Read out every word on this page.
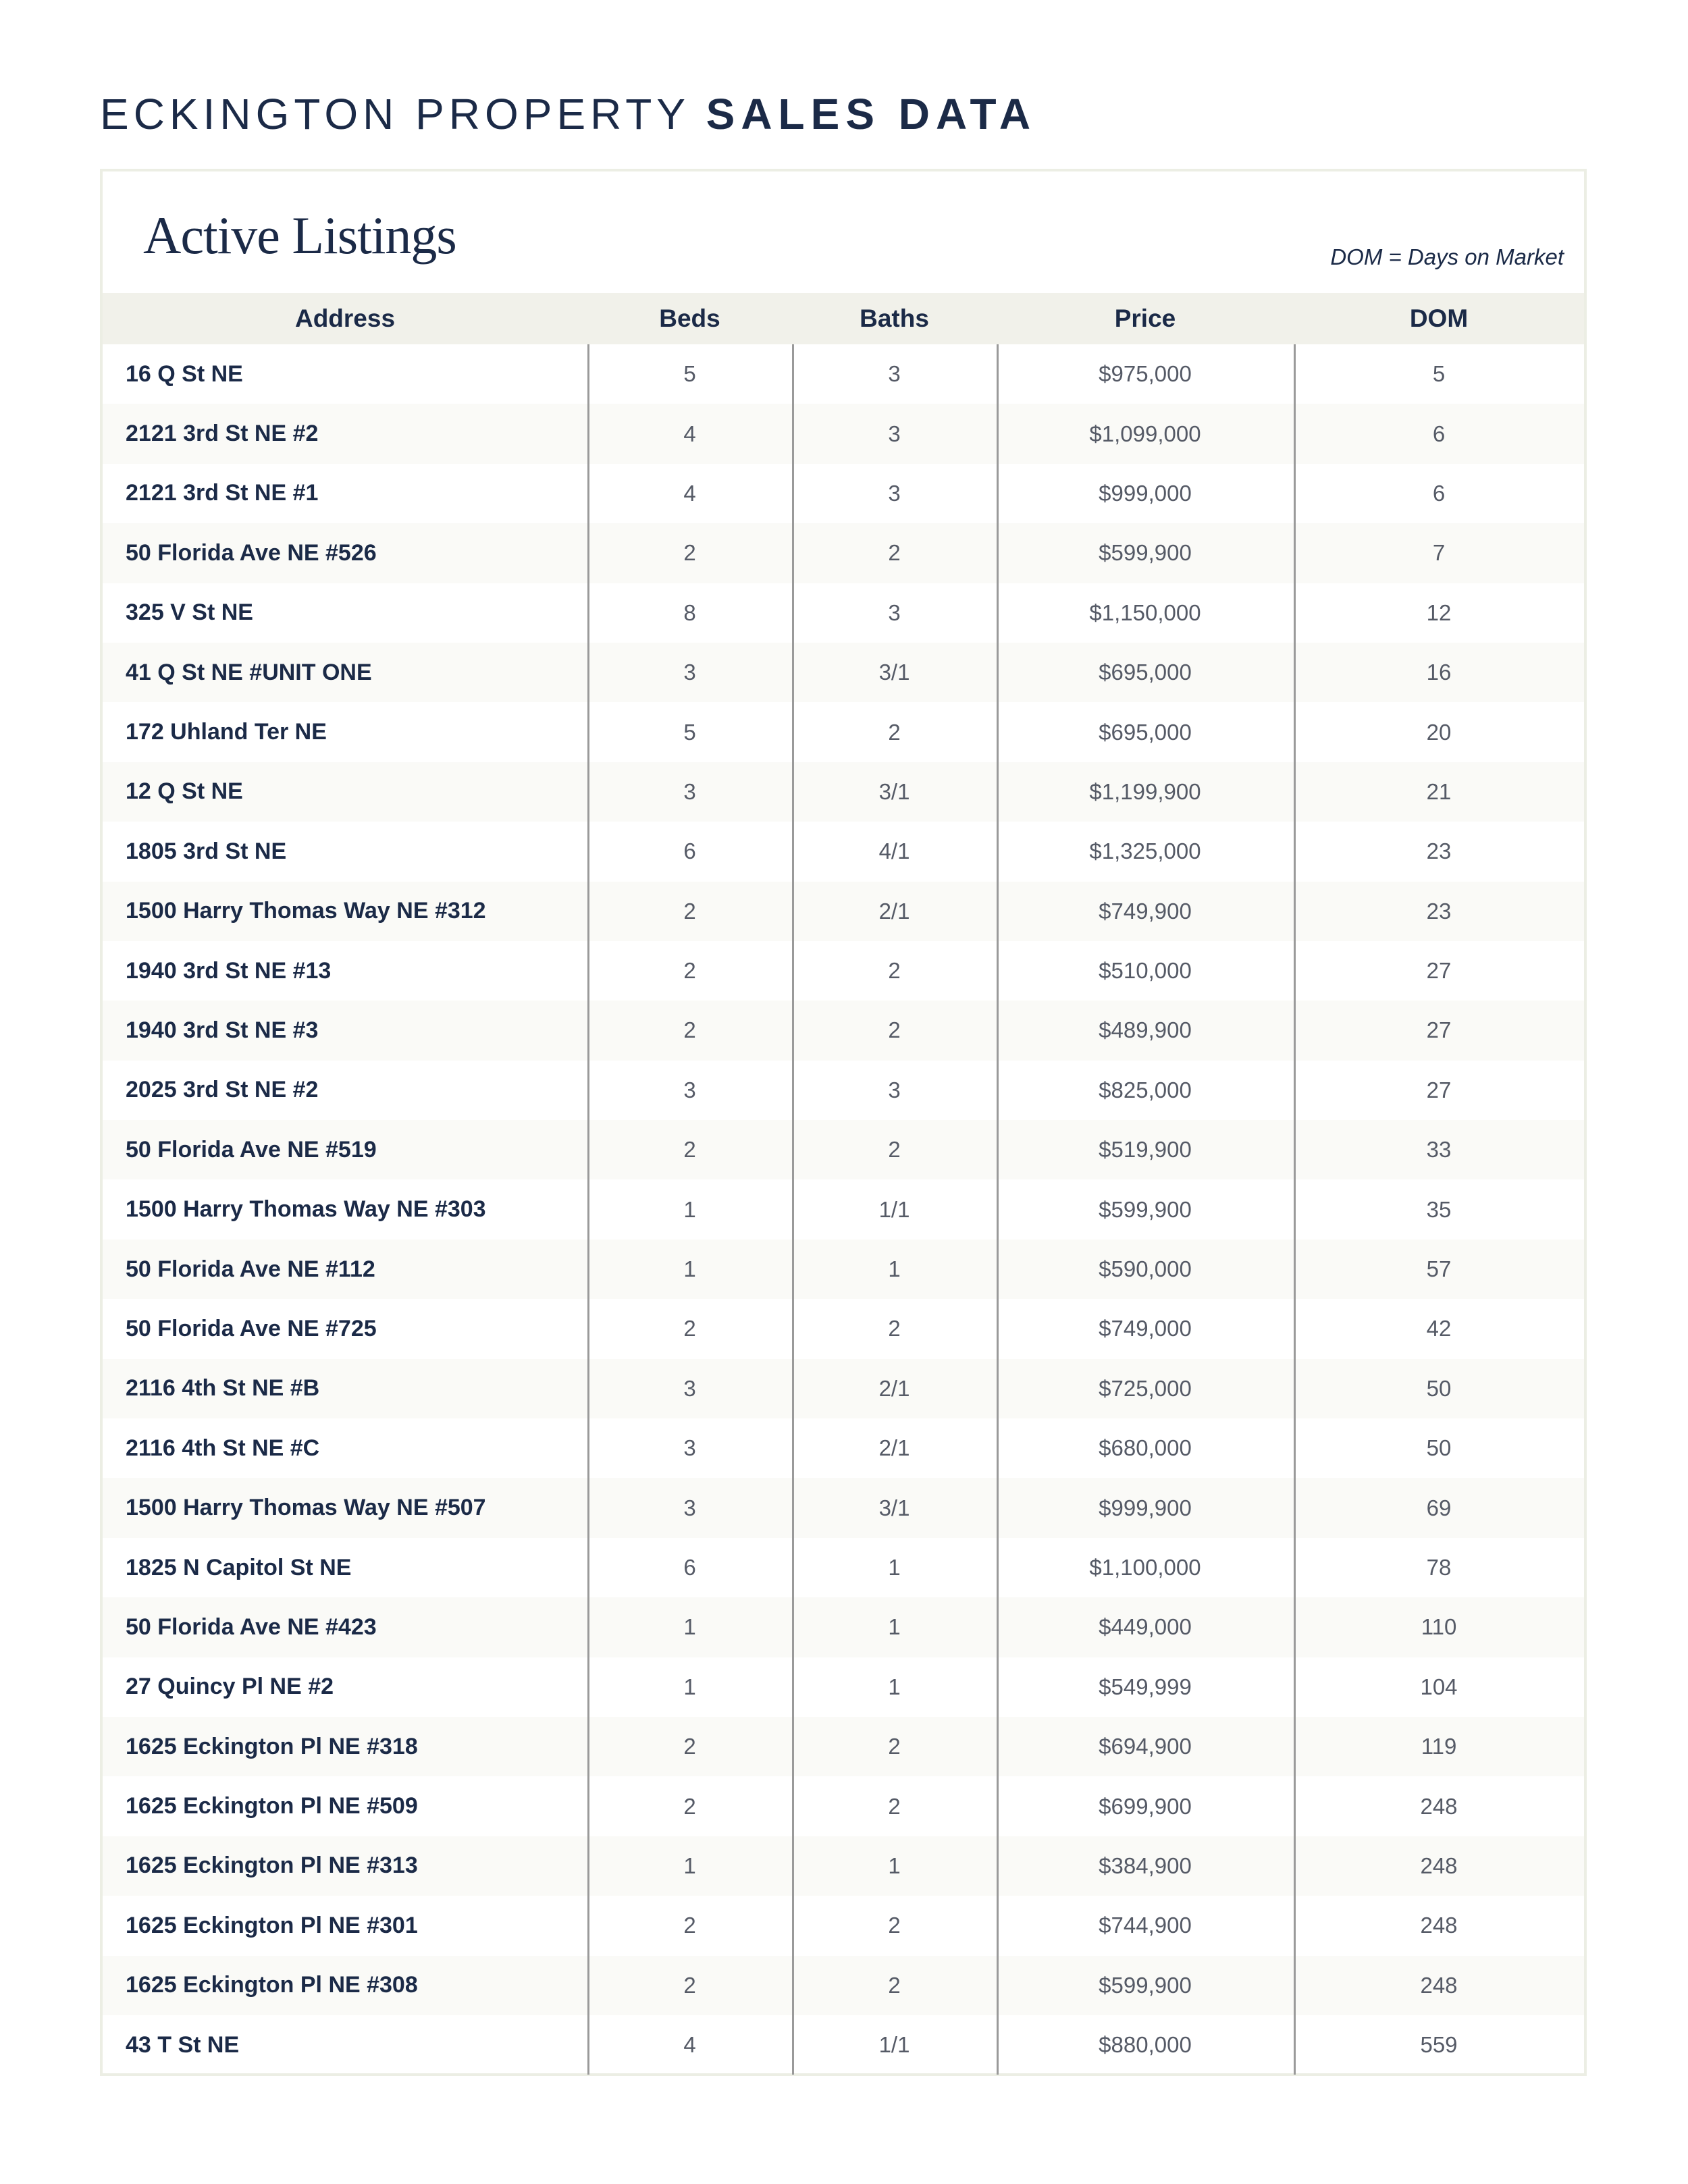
ECKINGTON PROPERTY SALES DATA
Active Listings	DOM = Days on Market
Address	Beds	Baths	Price	DOM
16 Q St NE	5	3	$975,000	5
2121 3rd St NE #2	4	3	$1,099,000	6
2121 3rd St NE #1	4	3	$999,000	6
50 Florida Ave NE #526	2	2	$599,900	7
325 V St NE	8	3	$1,150,000	12
41 Q St NE #UNIT ONE	3	3/1	$695,000	16
172 Uhland Ter NE	5	2	$695,000	20
12 Q St NE	3	3/1	$1,199,900	21
1805 3rd St NE	6	4/1	$1,325,000	23
1500 Harry Thomas Way NE #312	2	2/1	$749,900	23
1940 3rd St NE #13	2	2	$510,000	27
1940 3rd St NE #3	2	2	$489,900	27
2025 3rd St NE #2	3	3	$825,000	27
50 Florida Ave NE #519	2	2	$519,900	33
1500 Harry Thomas Way NE #303	1	1/1	$599,900	35
50 Florida Ave NE #112	1	1	$590,000	57
50 Florida Ave NE #725	2	2	$749,000	42
2116 4th St NE #B	3	2/1	$725,000	50
2116 4th St NE #C	3	2/1	$680,000	50
1500 Harry Thomas Way NE #507	3	3/1	$999,900	69
1825 N Capitol St NE	6	1	$1,100,000	78
50 Florida Ave NE #423	1	1	$449,000	110
27 Quincy Pl NE #2	1	1	$549,999	104
1625 Eckington Pl NE #318	2	2	$694,900	119
1625 Eckington Pl NE #509	2	2	$699,900	248
1625 Eckington Pl NE #313	1	1	$384,900	248
1625 Eckington Pl NE #301	2	2	$744,900	248
1625 Eckington Pl NE #308	2	2	$599,900	248
43 T St NE	4	1/1	$880,000	559
